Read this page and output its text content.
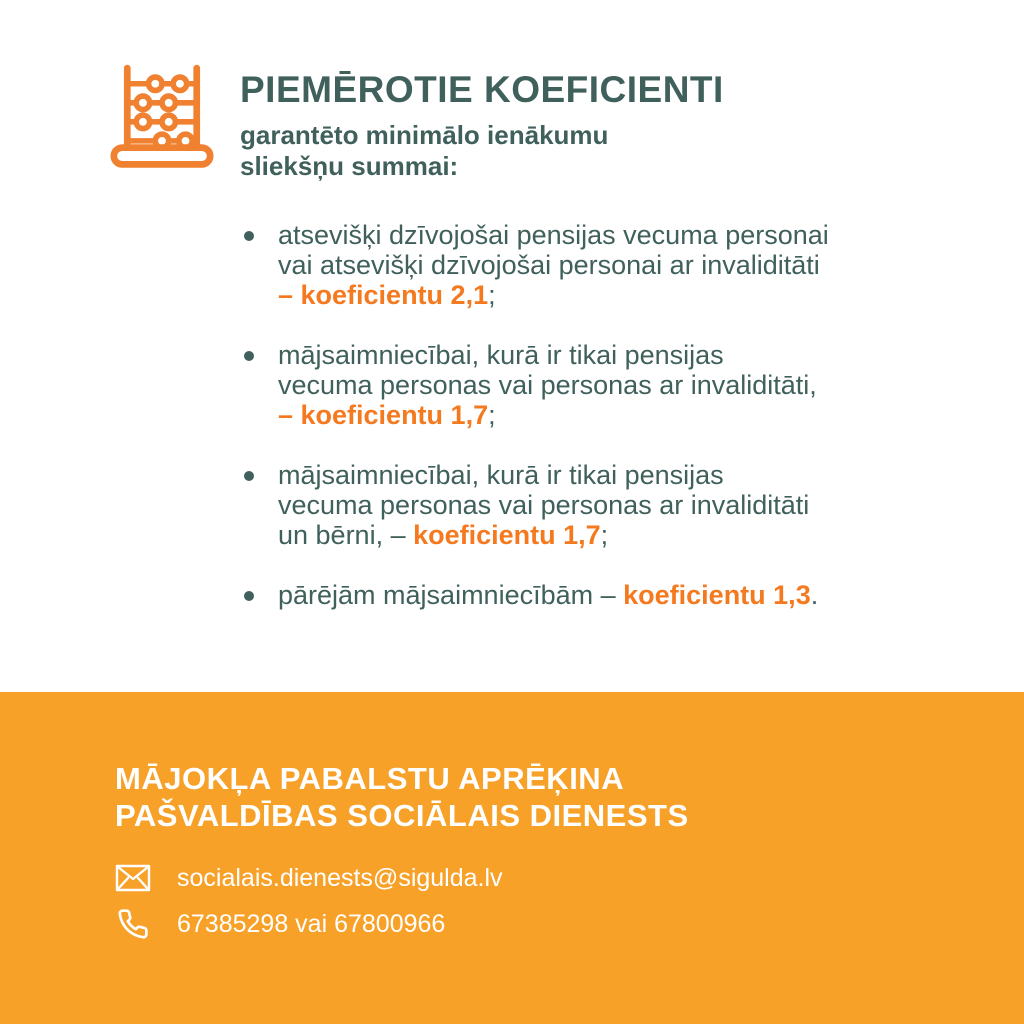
PIEMĒROTIE KOEFICIENTI
garantēto minimālo ienākumu
sliekšņu summai:
atsevišķi dzīvojošai pensijas vecuma personai
vai atsevišķi dzīvojošai personai ar invaliditāti
– koeficientu 2,1;
mājsaimniecībai, kurā ir tikai pensijas
vecuma personas vai personas ar invaliditāti,
– koeficientu 1,7;
mājsaimniecībai, kurā ir tikai pensijas
vecuma personas vai personas ar invaliditāti
un bērni, – koeficientu 1,7;
pārējām mājsaimniecībām – koeficientu 1,3.
MĀJOKĻA PABALSTU APRĒĶINA
PAŠVALDĪBAS SOCIĀLAIS DIENESTS
socialais.dienests@sigulda.lv
67385298 vai 67800966
